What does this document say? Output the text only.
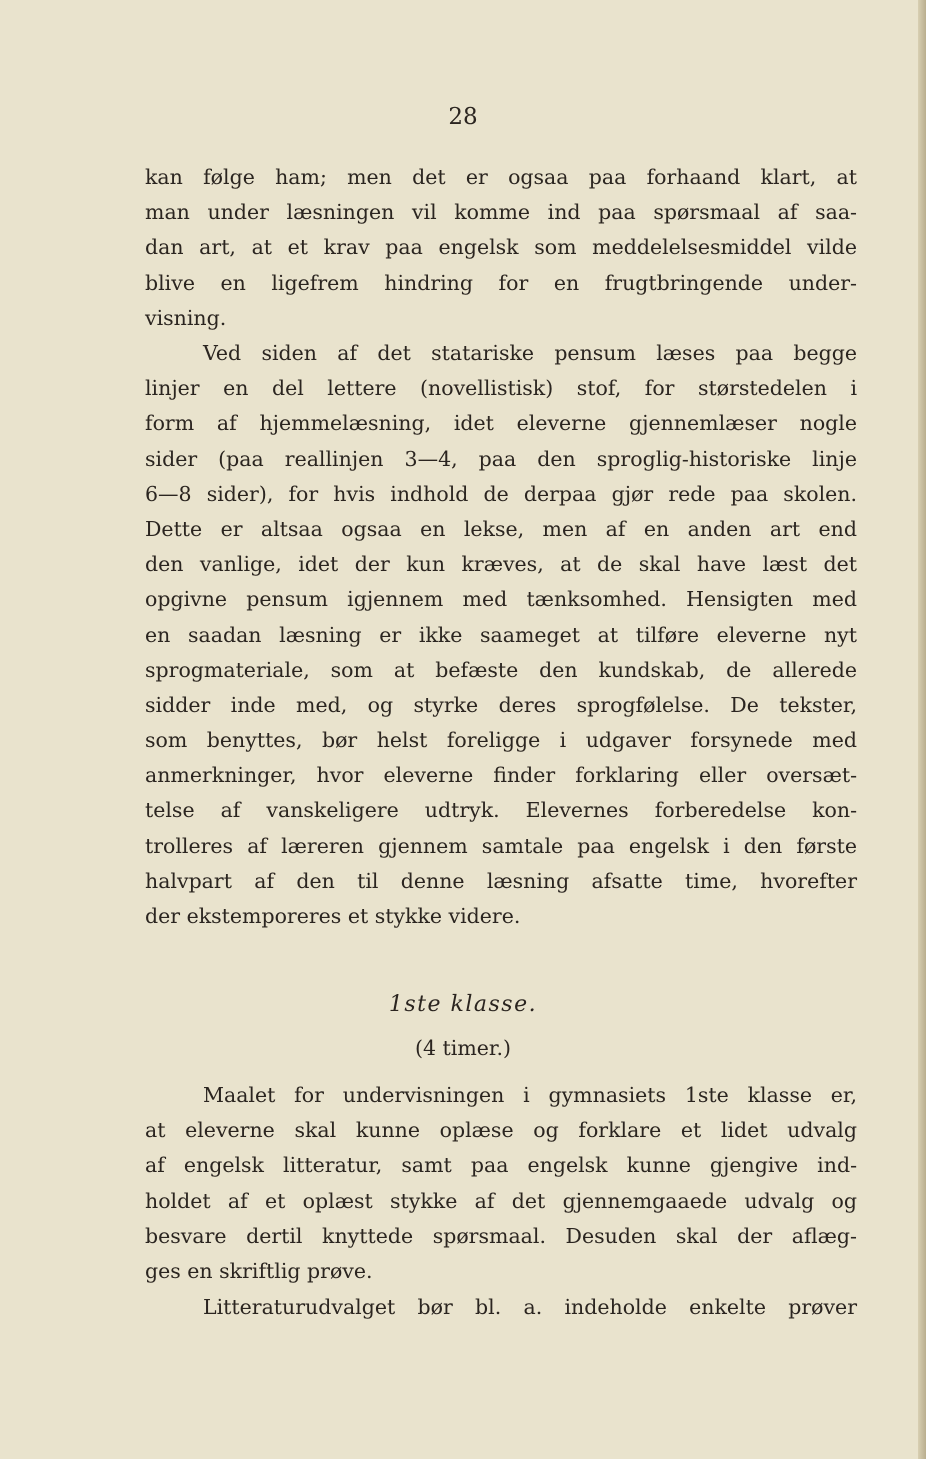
28
kan følge ham; men det er ogsaa paa forhaand klart, at
man under læsningen vil komme ind paa spørsmaal af saa-
dan art, at et krav paa engelsk som meddelelsesmiddel vilde
blive en ligefrem hindring for en frugtbringende under-
visning.
Ved siden af det statariske pensum læses paa begge
linjer en del lettere (novellistisk) stof, for størstedelen i
form af hjemmelæsning, idet eleverne gjennemlæser nogle
sider (paa reallinjen 3—4, paa den sproglig-historiske linje
6—8 sider), for hvis indhold de derpaa gjør rede paa skolen.
Dette er altsaa ogsaa en lekse, men af en anden art end
den vanlige, idet der kun kræves, at de skal have læst det
opgivne pensum igjennem med tænksomhed. Hensigten med
en saadan læsning er ikke saameget at tilføre eleverne nyt
sprogmateriale, som at befæste den kundskab, de allerede
sidder inde med, og styrke deres sprogfølelse. De tekster,
som benyttes, bør helst foreligge i udgaver forsynede med
anmerkninger, hvor eleverne finder forklaring eller oversæt-
telse af vanskeligere udtryk. Elevernes forberedelse kon-
trolleres af læreren gjennem samtale paa engelsk i den første
halvpart af den til denne læsning afsatte time, hvorefter
der ekstemporeres et stykke videre.
1ste klasse.
(4 timer.)
Maalet for undervisningen i gymnasiets 1ste klasse er,
at eleverne skal kunne oplæse og forklare et lidet udvalg
af engelsk litteratur, samt paa engelsk kunne gjengive ind-
holdet af et oplæst stykke af det gjennemgaaede udvalg og
besvare dertil knyttede spørsmaal. Desuden skal der aflæg-
ges en skriftlig prøve.
Litteraturudvalget bør bl. a. indeholde enkelte prøver
